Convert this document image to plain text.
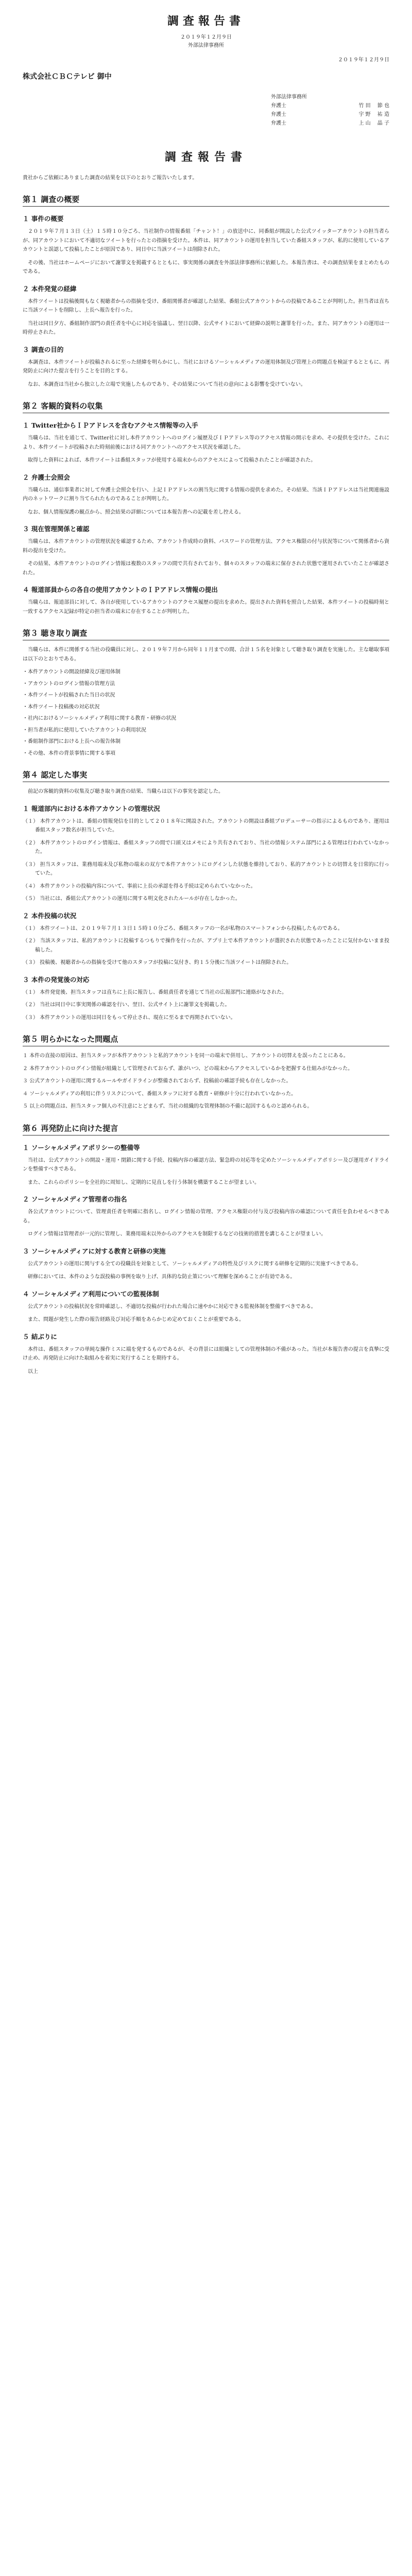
調査報告書
２０１９年１２月９日
外部法律事務所
２０１９年１２月９日
株式会社ＣＢＣテレビ 御中
外部法律事務所
弁護士	竹 田　 節 也
弁護士	宇 野　 祐 造
弁護士	上 山　 晶 子
調査報告書
貴社からご依頼にありました調査の結果を以下のとおりご報告いたします。
第１ 調査の概要
１ 事件の概要

２０１９年７月１３日（土）１５時１０分ごろ、当社制作の情報番組「チャント！」の放送中に、同番組が開設した公式ツイッターアカウントの担当者らが、同アカウントにおいて不適切なツイートを行ったとの指摘を受けた。本件は、同アカウントの運用を担当していた番組スタッフが、私的に使用しているアカウントと誤認して投稿したことが原因であり、同日中に当該ツイートは削除された。

その後、当社はホームページにおいて謝罪文を掲載するとともに、事実関係の調査を外部法律事務所に依頼した。本報告書は、その調査結果をまとめたものである。

２ 本件発覚の経緯

本件ツイートは投稿後間もなく視聴者からの指摘を受け、番組関係者が確認した結果、番組公式アカウントからの投稿であることが判明した。担当者は直ちに当該ツイートを削除し、上長へ報告を行った。

当社は同日夕方、番組制作部門の責任者を中心に対応を協議し、翌日以降、公式サイトにおいて経緯の説明と謝罪を行った。また、同アカウントの運用は一時停止された。

３ 調査の目的

本調査は、本件ツイートが投稿されるに至った経緯を明らかにし、当社におけるソーシャルメディアの運用体制及び管理上の問題点を検証するとともに、再発防止に向けた提言を行うことを目的とする。

なお、本調査は当社から独立した立場で実施したものであり、その結果について当社の意向による影響を受けていない。

第２ 客観的資料の収集
１ Twitter社からＩＰアドレスを含むアクセス情報等の入手

当職らは、当社を通じて、Twitter社に対し本件アカウントへのログイン履歴及びＩＰアドレス等のアクセス情報の開示を求め、その提供を受けた。これにより、本件ツイートが投稿された時刻前後における同アカウントへのアクセス状況を確認した。

取得した資料によれば、本件ツイートは番組スタッフが使用する端末からのアクセスによって投稿されたことが確認された。

２ 弁護士会照会

当職らは、通信事業者に対して弁護士会照会を行い、上記ＩＰアドレスの割当先に関する情報の提供を求めた。その結果、当該ＩＰアドレスは当社関連施設内のネットワークに割り当てられたものであることが判明した。

なお、個人情報保護の観点から、照会結果の詳細については本報告書への記載を差し控える。

３ 現在管理関係と確認

当職らは、本件アカウントの管理状況を確認するため、アカウント作成時の資料、パスワードの管理方法、アクセス権限の付与状況等について関係者から資料の提出を受けた。

その結果、本件アカウントのログイン情報は複数のスタッフの間で共有されており、個々のスタッフの端末に保存された状態で運用されていたことが確認された。

４ 報道部員からの各自の使用アカウントのＩＰアドレス情報の提出

当職らは、報道部員に対して、各自が使用しているアカウントのアクセス履歴の提出を求めた。提出された資料を照合した結果、本件ツイートの投稿時刻と一致するアクセス記録が特定の担当者の端末に存在することが判明した。

第３ 聴き取り調査

当職らは、本件に関係する当社の役職員に対し、２０１９年７月から同年１１月までの間、合計１５名を対象として聴き取り調査を実施した。主な聴取事項は以下のとおりである。

・本件アカウントの開設経緯及び運用体制

・アカウントのログイン情報の管理方法

・本件ツイートが投稿された当日の状況

・本件ツイート投稿後の対応状況

・社内におけるソーシャルメディア利用に関する教育・研修の状況

・担当者が私的に使用していたアカウントの利用状況

・番組制作部門における上長への報告体制

・その他、本件の背景事情に関する事項

第４ 認定した事実

前記の客観的資料の収集及び聴き取り調査の結果、当職らは以下の事実を認定した。

１ 報道部内における本件アカウントの管理状況

（１） 本件アカウントは、番組の情報発信を目的として２０１８年に開設された。アカウントの開設は番組プロデューサーの指示によるものであり、運用は番組スタッフ数名が担当していた。

（２） 本件アカウントのログイン情報は、番組スタッフの間で口頭又はメモにより共有されており、当社の情報システム部門による管理は行われていなかった。

（３） 担当スタッフは、業務用端末及び私物の端末の双方で本件アカウントにログインした状態を維持しており、私的アカウントとの切替えを日常的に行っていた。

（４） 本件アカウントの投稿内容について、事前に上長の承認を得る手続は定められていなかった。

（５） 当社には、番組公式アカウントの運用に関する明文化されたルールが存在しなかった。

２ 本件投稿の状況

（１） 本件ツイートは、２０１９年７月１３日１５時１０分ごろ、番組スタッフの一名が私物のスマートフォンから投稿したものである。

（２） 当該スタッフは、私的アカウントに投稿するつもりで操作を行ったが、アプリ上で本件アカウントが選択された状態であったことに気付かないまま投稿した。

（３） 投稿後、視聴者からの指摘を受けて他のスタッフが投稿に気付き、約１５分後に当該ツイートは削除された。

３ 本件の発覚後の対応

（１） 本件発覚後、担当スタッフは直ちに上長に報告し、番組責任者を通じて当社の広報部門に連絡がなされた。

（２） 当社は同日中に事実関係の確認を行い、翌日、公式サイト上に謝罪文を掲載した。

（３） 本件アカウントの運用は同日をもって停止され、現在に至るまで再開されていない。

第５ 明らかになった問題点

１ 本件の直接の原因は、担当スタッフが本件アカウントと私的アカウントを同一の端末で併用し、アカウントの切替えを誤ったことにある。

２ 本件アカウントのログイン情報が組織として管理されておらず、誰がいつ、どの端末からアクセスしているかを把握する仕組みがなかった。

３ 公式アカウントの運用に関するルールやガイドラインが整備されておらず、投稿前の確認手続も存在しなかった。

４ ソーシャルメディアの利用に伴うリスクについて、番組スタッフに対する教育・研修が十分に行われていなかった。

５ 以上の問題点は、担当スタッフ個人の不注意にとどまらず、当社の組織的な管理体制の不備に起因するものと認められる。

第６ 再発防止に向けた提言
１ ソーシャルメディアポリシーの整備等

当社は、公式アカウントの開設・運用・閉鎖に関する手続、投稿内容の確認方法、緊急時の対応等を定めたソーシャルメディアポリシー及び運用ガイドラインを整備すべきである。

また、これらのポリシーを全社的に周知し、定期的に見直しを行う体制を構築することが望ましい。

２ ソーシャルメディア管理者の指名

各公式アカウントについて、管理責任者を明確に指名し、ログイン情報の管理、アクセス権限の付与及び投稿内容の確認について責任を負わせるべきである。

ログイン情報は管理者が一元的に管理し、業務用端末以外からのアクセスを制限するなどの技術的措置を講じることが望ましい。

３ ソーシャルメディアに対する教育と研修の実施

公式アカウントの運用に関与する全ての役職員を対象として、ソーシャルメディアの特性及びリスクに関する研修を定期的に実施すべきである。

研修においては、本件のような誤投稿の事例を取り上げ、具体的な防止策について理解を深めることが有効である。

４ ソーシャルメディア利用についての監視体制

公式アカウントの投稿状況を常時確認し、不適切な投稿が行われた場合に速やかに対応できる監視体制を整備すべきである。

また、問題が発生した際の報告経路及び対応手順をあらかじめ定めておくことが重要である。

５ 結ぶりに

本件は、番組スタッフの単純な操作ミスに端を発するものであるが、その背景には組織としての管理体制の不備があった。当社が本報告書の提言を真摯に受け止め、再発防止に向けた取組みを着実に実行することを期待する。

以上
